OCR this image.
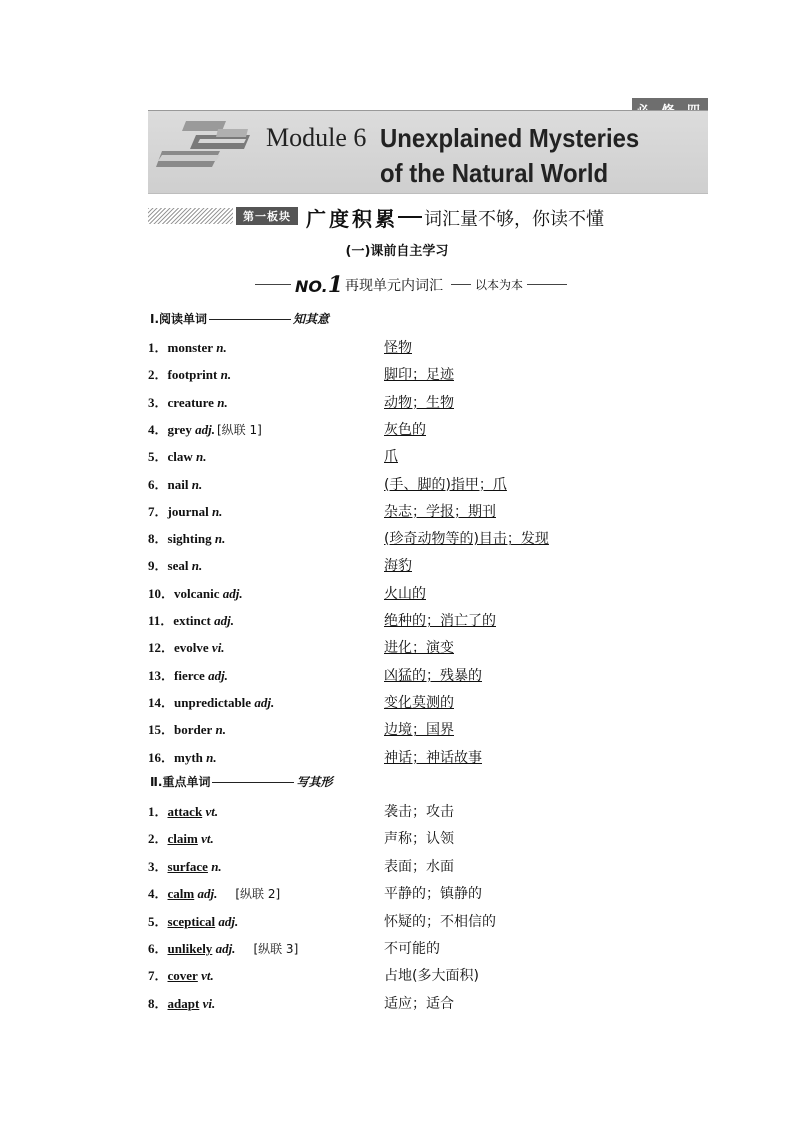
Module 6 Unexplained Mysteries
of the Natural World
第一板块 广度积累 词汇量不够，你读不懂
(一)课前自主学习
NO.1 再现单元内词汇	以本为本
Ⅰ.阅读单词	知其意
1．monster n.	怪物
2．footprint n.	脚印；足迹
3．creature n.	动物；生物
4．grey adj. [纵联 1]	灰色的
5．claw n.	爪
6．nail n.	(手、脚的)指甲；爪
7．journal n.	杂志；学报；期刊
8．sighting n.	(珍奇动物等的)目击；发现
9．seal n.	海豹
10．volcanic adj.	火山的
11．extinct adj.	绝种的；消亡了的
12．evolve vi.	进化；演变
13．fierce adj.	凶猛的；残暴的
14．unpredictable adj.	变化莫测的
15．border n.	边境；国界
16．myth n.	神话；神话故事
Ⅱ.重点单词	写其形
1．attack vt.	袭击；攻击
2．claim vt.	声称；认领
3．surface n.	表面；水面
4．calm adj. [纵联 2]	平静的；镇静的
5．sceptical adj.	怀疑的；不相信的
6．unlikely adj. [纵联 3]	不可能的
7．cover vt.	占地(多大面积)
8．adapt vi.	适应；适合
